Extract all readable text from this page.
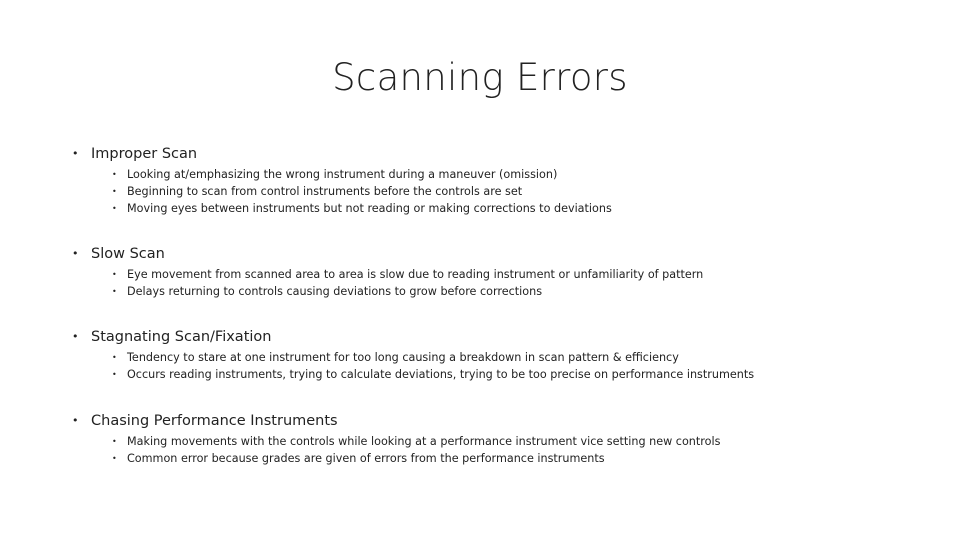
Scanning Errors
• Improper Scan
• Looking at/emphasizing the wrong instrument during a maneuver (omission)
• Beginning to scan from control instruments before the controls are set
• Moving eyes between instruments but not reading or making corrections to deviations
• Slow Scan
• Eye movement from scanned area to area is slow due to reading instrument or unfamiliarity of pattern
• Delays returning to controls causing deviations to grow before corrections
• Stagnating Scan/Fixation
• Tendency to stare at one instrument for too long causing a breakdown in scan pattern & efficiency
• Occurs reading instruments, trying to calculate deviations, trying to be too precise on performance instruments
• Chasing Performance Instruments
• Making movements with the controls while looking at a performance instrument vice setting new controls
• Common error because grades are given of errors from the performance instruments
